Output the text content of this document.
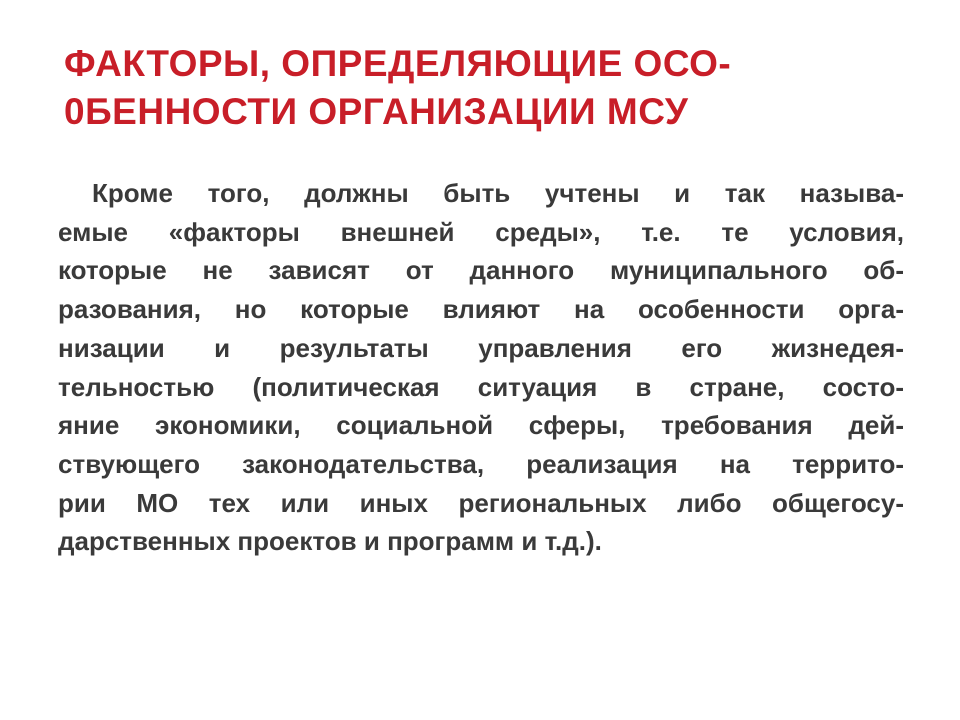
ФАКТОРЫ, ОПРЕДЕЛЯЮЩИЕ ОСО-
0БЕННОСТИ ОРГАНИЗАЦИИ МСУ
Кроме того, должны быть учтены и так называ-
емые «факторы внешней среды», т.е. те условия,
которые не зависят от данного муниципального об-
разования, но которые влияют на особенности орга-
низации и результаты управления его жизнедея-
тельностью (политическая ситуация в стране, состо-
яние экономики, социальной сферы, требования дей-
ствующего законодательства, реализация на террито-
рии МО тех или иных региональных либо общегосу-
дарственных проектов и программ и т.д.).
